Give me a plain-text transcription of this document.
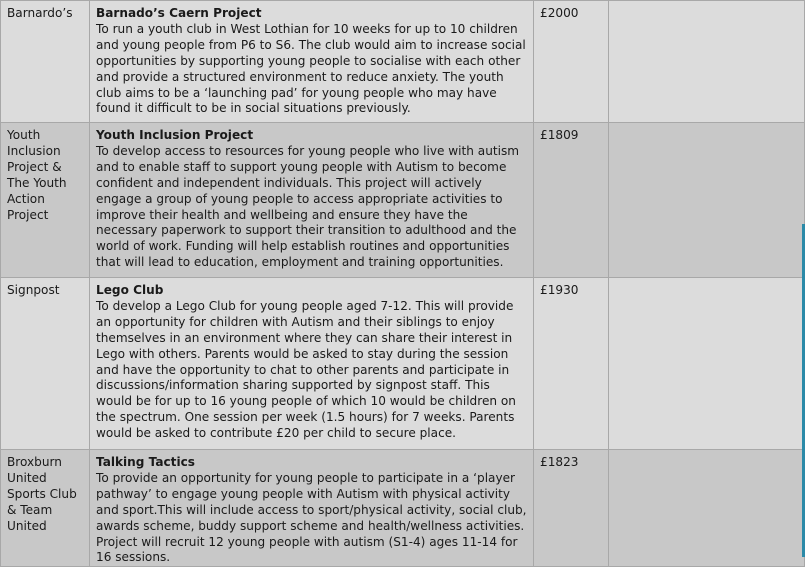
Barnardo’s	Barnado’s Caern Project
To run a youth club in West Lothian for 10 weeks for up to 10 children and young people from P6 to S6. The club would aim to increase social opportunities by supporting young people to socialise with each other and provide a structured environment to reduce anxiety. The youth club aims to be a ‘launching pad’ for young people who may have found it difficult to be in social situations previously.	£2000	
Youth Inclusion Project & The Youth Action Project	Youth Inclusion Project
To develop access to resources for young people who live with autism and to enable staff to support young people with Autism to become confident and independent individuals. This project will actively engage a group of young people to access appropriate activities to improve their health and wellbeing and ensure they have the necessary paperwork to support their transition to adulthood and the world of work. Funding will help establish routines and opportunities that will lead to education, employment and training opportunities.	£1809	
Signpost	Lego Club
To develop a Lego Club for young people aged 7-12. This will provide an opportunity for children with Autism and their siblings to enjoy themselves in an environment where they can share their interest in Lego with others. Parents would be asked to stay during the session and have the opportunity to chat to other parents and participate in discussions/information sharing supported by signpost staff. This would be for up to 16 young people of which 10 would be children on the spectrum. One session per week (1.5 hours) for 7 weeks. Parents would be asked to contribute £20 per child to secure place.	£1930	
Broxburn United Sports Club & Team United	Talking Tactics
To provide an opportunity for young people to participate in a ‘player pathway’ to engage young people with Autism with physical activity and sport.This will include access to sport/physical activity, social club, awards scheme, buddy support scheme and health/wellness activities. Project will recruit 12 young people with autism (S1-4) ages 11-14 for 16 sessions.	£1823	
